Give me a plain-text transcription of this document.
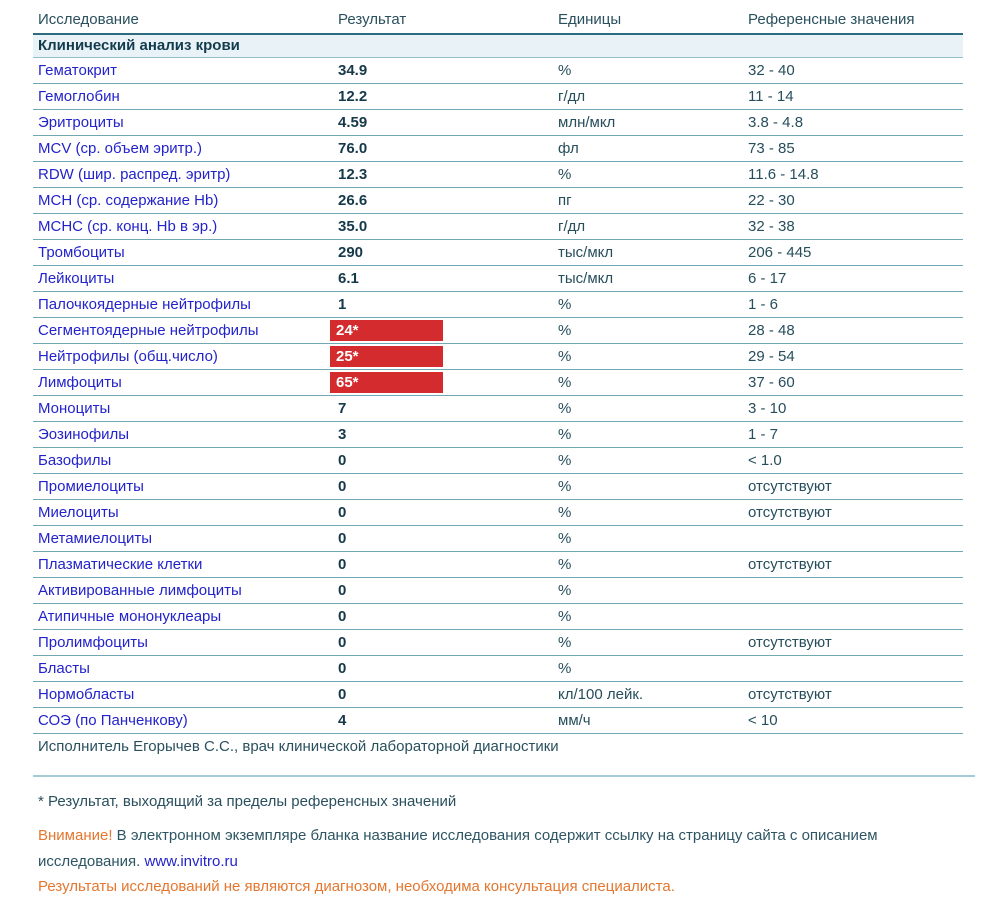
Исследование	Результат	Единицы	Референсные значения
Клинический анализ крови
Гематокрит	34.9	%	32 - 40
Гемоглобин	12.2	г/дл	11 - 14
Эритроциты	4.59	млн/мкл	3.8 - 4.8
MCV (ср. объем эритр.)	76.0	фл	73 - 85
RDW (шир. распред. эритр)	12.3	%	11.6 - 14.8
MCH (ср. содержание Hb)	26.6	пг	22 - 30
MCHC (ср. конц. Hb в эр.)	35.0	г/дл	32 - 38
Тромбоциты	290	тыс/мкл	206 - 445
Лейкоциты	6.1	тыс/мкл	6 - 17
Палочкоядерные нейтрофилы	1	%	1 - 6
Сегментоядерные нейтрофилы	24*	%	28 - 48
Нейтрофилы (общ.число)	25*	%	29 - 54
Лимфоциты	65*	%	37 - 60
Моноциты	7	%	3 - 10
Эозинофилы	3	%	1 - 7
Базофилы	0	%	< 1.0
Промиелоциты	0	%	отсутствуют
Миелоциты	0	%	отсутствуют
Метамиелоциты	0	%
Плазматические клетки	0	%	отсутствуют
Активированные лимфоциты	0	%
Атипичные мононуклеары	0	%
Пролимфоциты	0	%	отсутствуют
Бласты	0	%
Нормобласты	0	кл/100 лейк.	отсутствуют
СОЭ (по Панченкову)	4	мм/ч	< 10
Исполнитель Егорычев С.С., врач клинической лабораторной диагностики
* Результат, выходящий за пределы референсных значений

Внимание! В электронном экземпляре бланка название исследования содержит ссылку на страницу сайта с описанием исследования. www.invitro.ru

Результаты исследований не являются диагнозом, необходима консультация специалиста.
